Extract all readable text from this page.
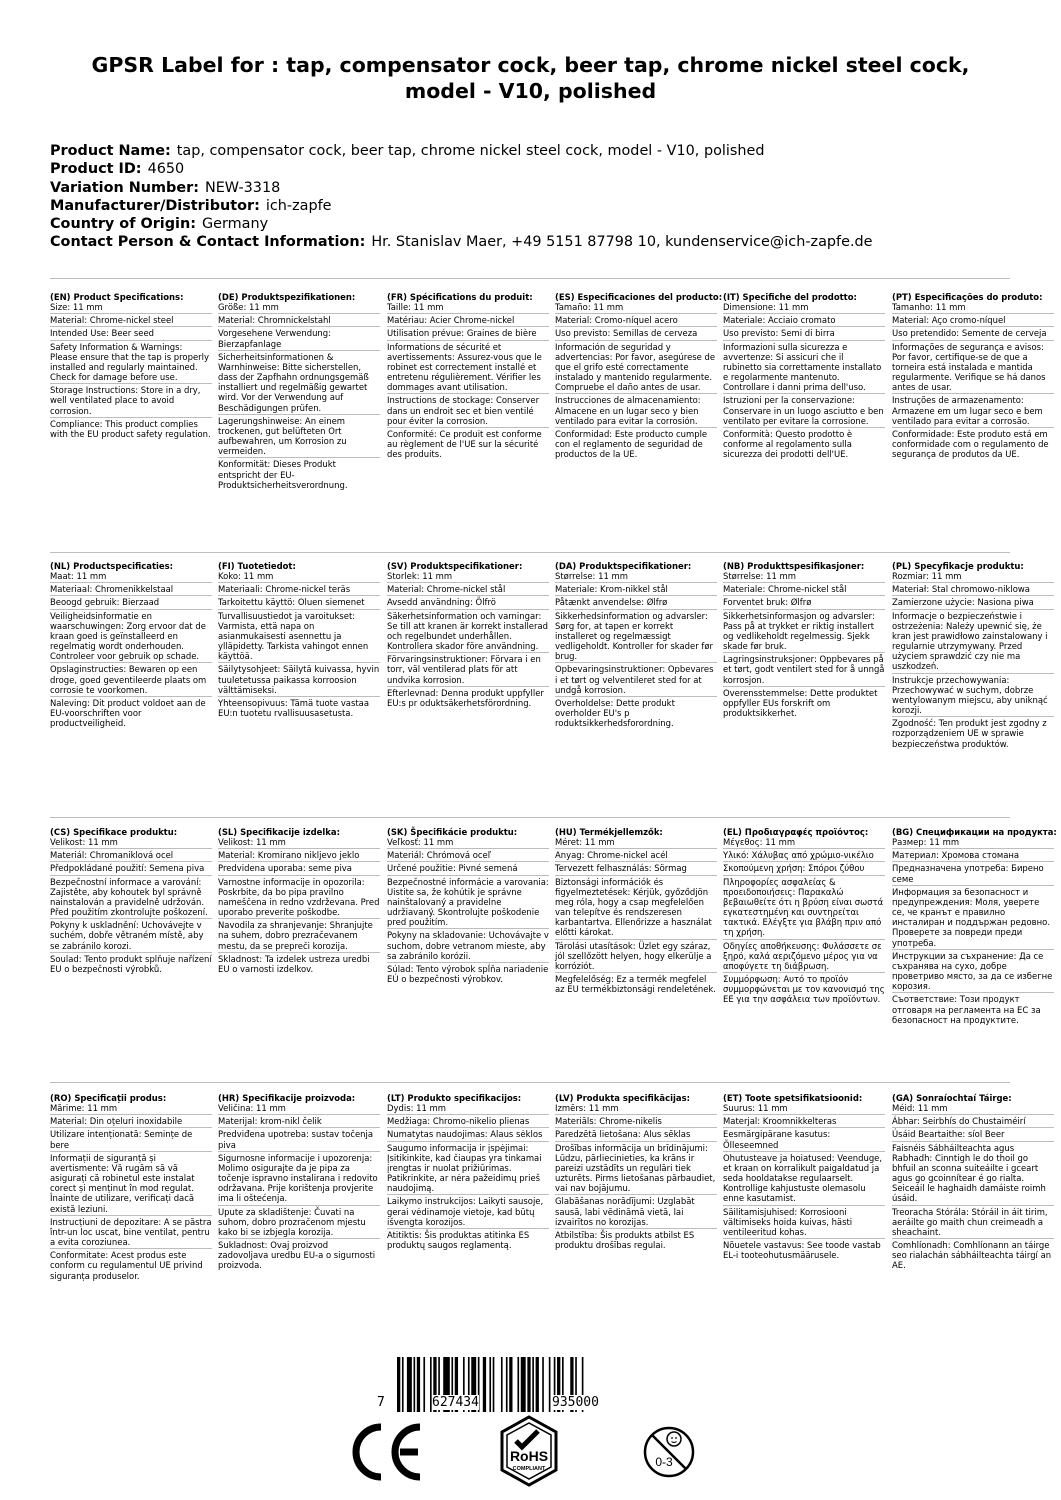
GPSR Label for : tap, compensator cock, beer tap, chrome nickel steel cock, model - V10, polished
Product Name: tap, compensator cock, beer tap, chrome nickel steel cock, model - V10, polished
Product ID: 4650
Variation Number: NEW-3318
Manufacturer/Distributor: ich-zapfe
Country of Origin: Germany
Contact Person & Contact Information: Hr. Stanislav Maer, +49 5151 87798 10, kundenservice@ich-zapfe.de
(EN) Product Specifications:
Size: 11 mm
Material: Chrome-nickel steel
Intended Use: Beer seed
Safety Information & Warnings: Please ensure that the tap is properly installed and regularly maintained. Check for damage before use.
Storage Instructions: Store in a dry, well ventilated place to avoid corrosion.
Compliance: This product complies with the EU product safety regulation.
(DE) Produktspezifikationen:
Größe: 11 mm
Material: Chromnickelstahl
Vorgesehene Verwendung: Bierzapfanlage
Sicherheitsinformationen & Warnhinweise: Bitte sicherstellen, dass der Zapfhahn ordnungsgemäß installiert und regelmäßig gewartet wird. Vor der Verwendung auf Beschädigungen prüfen.
Lagerungshinweise: An einem trockenen, gut belüfteten Ort aufbewahren, um Korrosion zu vermeiden.
Konformität: Dieses Produkt entspricht der EU-Produktsicherheitsverordnung.
(FR) Spécifications du produit:
Taille: 11 mm
Matériau: Acier Chrome-nickel
Utilisation prévue: Graines de bière
Informations de sécurité et avertissements: Assurez-vous que le robinet est correctement installé et entretenu régulièrement. Vérifier les dommages avant utilisation.
Instructions de stockage: Conserver dans un endroit sec et bien ventilé pour éviter la corrosion.
Conformité: Ce produit est conforme au règlement de l'UE sur la sécurité des produits.
(ES) Especificaciones del producto:
Tamaño: 11 mm
Material: Cromo-níquel acero
Uso previsto: Semillas de cerveza
Información de seguridad y advertencias: Por favor, asegúrese de que el grifo esté correctamente instalado y mantenido regularmente. Compruebe el daño antes de usar.
Instrucciones de almacenamiento: Almacene en un lugar seco y bien ventilado para evitar la corrosión.
Conformidad: Este producto cumple con el reglamento de seguridad de productos de la UE.
(IT) Specifiche del prodotto:
Dimensione: 11 mm
Materiale: Acciaio cromato
Uso previsto: Semi di birra
Informazioni sulla sicurezza e avvertenze: Si assicuri che il rubinetto sia correttamente installato e regolarmente mantenuto. Controllare i danni prima dell'uso.
Istruzioni per la conservazione: Conservare in un luogo asciutto e ben ventilato per evitare la corrosione.
Conformità: Questo prodotto è conforme al regolamento sulla sicurezza dei prodotti dell'UE.
(PT) Especificações do produto:
Tamanho: 11 mm
Material: Aço cromo-níquel
Uso pretendido: Semente de cerveja
Informações de segurança e avisos: Por favor, certifique-se de que a torneira está instalada e mantida regularmente. Verifique se há danos antes de usar.
Instruções de armazenamento: Armazene em um lugar seco e bem ventilado para evitar a corrosão.
Conformidade: Este produto está em conformidade com o regulamento de segurança de produtos da UE.
(NL) Productspecificaties:
Maat: 11 mm
Materiaal: Chromenikkelstaal
Beoogd gebruik: Bierzaad
Veiligheidsinformatie en waarschuwingen: Zorg ervoor dat de kraan goed is geïnstalleerd en regelmatig wordt onderhouden. Controleer voor gebruik op schade.
Opslaginstructies: Bewaren op een droge, goed geventileerde plaats om corrosie te voorkomen.
Naleving: Dit product voldoet aan de EU-voorschriften voor productveiligheid.
(FI) Tuotetiedot:
Koko: 11 mm
Materiaali: Chrome-nickel teräs
Tarkoitettu käyttö: Oluen siemenet
Turvallisuustiedot ja varoitukset: Varmista, että napa on asianmukaisesti asennettu ja ylläpidetty. Tarkista vahingot ennen käyttöä.
Säilytysohjeet: Säilytä kuivassa, hyvin tuuletetussa paikassa korroosion välttämiseksi.
Yhteensopivuus: Tämä tuote vastaa EU:n tuotetu rvallisuusasetusta.
(SV) Produktspecifikationer:
Storlek: 11 mm
Material: Chrome-nickel stål
Avsedd användning: Ölfrö
Säkerhetsinformation och varningar: Se till att kranen är korrekt installerad och regelbundet underhållen. Kontrollera skador före användning.
Förvaringsinstruktioner: Förvara i en torr, väl ventilerad plats för att undvika korrosion.
Efterlevnad: Denna produkt uppfyller EU:s pr oduktsäkerhetsförordning.
(DA) Produktspecifikationer:
Størrelse: 11 mm
Materiale: Krom-nikkel stål
Påtænkt anvendelse: Ølfrø
Sikkerhedsinformation og advarsler: Sørg for, at tapen er korrekt installeret og regelmæssigt vedligeholdt. Kontroller for skader før brug.
Opbevaringsinstruktioner: Opbevares i et tørt og velventileret sted for at undgå korrosion.
Overholdelse: Dette produkt overholder EU's p roduktsikkerhedsforordning.
(NB) Produkttspesifikasjoner:
Størrelse: 11 mm
Materiale: Chrome-nickel stål
Forventet bruk: Ølfrø
Sikkerhetsinformasjon og advarsler: Pass på at trykket er riktig installert og vedlikeholdt regelmessig. Sjekk skade før bruk.
Lagringsinstruksjoner: Oppbevares på et tørt, godt ventilert sted for å unngå korrosjon.
Overensstemmelse: Dette produktet oppfyller EUs forskrift om produktsikkerhet.
(PL) Specyfikacje produktu:
Rozmiar: 11 mm
Materiał: Stal chromowo-niklowa
Zamierzone użycie: Nasiona piwa
Informacje o bezpieczeństwie i ostrzeżenia: Należy upewnić się, że kran jest prawidłowo zainstalowany i regularnie utrzymywany. Przed użyciem sprawdzić czy nie ma uszkodzeń.
Instrukcje przechowywania: Przechowywać w suchym, dobrze wentylowanym miejscu, aby uniknąć korozji.
Zgodność: Ten produkt jest zgodny z rozporządzeniem UE w sprawie bezpieczeństwa produktów.
(CS) Specifikace produktu:
Velikost: 11 mm
Materiál: Chromaniklová ocel
Předpokládané použití: Semena piva
Bezpečnostní informace a varování: Zajistěte, aby kohoutek byl správně nainstalován a pravidelně udržován. Před použitím zkontrolujte poškození.
Pokyny k uskladnění: Uchovávejte v suchém, dobře větraném místě, aby se zabránilo korozi.
Soulad: Tento produkt splňuje nařízení EU o bezpečnosti výrobků.
(SL) Specifikacije izdelka:
Velikost: 11 mm
Material: Kromirano nikljevo jeklo
Predvidena uporaba: seme piva
Varnostne informacije in opozorila: Poskrbite, da bo pipa pravilno nameščena in redno vzdrževana. Pred uporabo preverite poškodbe.
Navodila za shranjevanje: Shranjujte na suhem, dobro prezračevanem mestu, da se prepreči korozija.
Skladnost: Ta izdelek ustreza uredbi EU o varnosti izdelkov.
(SK) Špecifikácie produktu:
Veľkosť: 11 mm
Materiál: Chrómová oceľ
Určené použitie: Pivné semená
Bezpečnostné informácie a varovania: Uistite sa, že kohútik je správne nainštalovaný a pravidelne udržiavaný. Skontrolujte poškodenie pred použitím.
Pokyny na skladovanie: Uchovávajte v suchom, dobre vetranom mieste, aby sa zabránilo korózii.
Súlad: Tento výrobok spĺňa nariadenie EÚ o bezpečnosti výrobkov.
(HU) Termékjellemzők:
Méret: 11 mm
Anyag: Chrome-nickel acél
Tervezett felhasználás: Sörmag
Biztonsági információk és figyelmeztetések: Kérjük, győződjön meg róla, hogy a csap megfelelően van telepítve és rendszeresen karbantartva. Ellenőrizze a használat előtti károkat.
Tárolási utasítások: Üzlet egy száraz, jól szellőzött helyen, hogy elkerülje a korróziót.
Megfelelőség: Ez a termék megfelel az EU termékbiztonsági rendeletének.
(EL) Προδιαγραφές προϊόντος:
Μέγεθος: 11 mm
Υλικό: Χάλυβας από χρώμιο-νικέλιο
Σκοπούμενη χρήση: Σπόροι ζύθου
Πληροφορίες ασφαλείας & προειδοποιήσεις: Παρακαλώ βεβαιωθείτε ότι η βρύση είναι σωστά εγκατεστημένη και συντηρείται τακτικά. Ελέγξτε για βλάβη πριν από τη χρήση.
Οδηγίες αποθήκευσης: Φυλάσσετε σε ξηρό, καλά αεριζόμενο μέρος για να αποφύγετε τη διάβρωση.
Συμμόρφωση: Αυτό το προϊόν συμμορφώνεται με τον κανονισμό της ΕΕ για την ασφάλεια των προϊόντων.
(BG) Спецификации на продукта:
Размер: 11 mm
Материал: Хромова стомана
Предназначена употреба: Бирено семе
Информация за безопасност и предупреждения: Моля, уверете се, че кранът е правилно инсталиран и поддържан редовно. Проверете за повреди преди употреба.
Инструкции за съхранение: Да се съхранява на сухо, добре проветриво място, за да се избегне корозия.
Съответствие: Този продукт отговаря на регламента на ЕС за безопасност на продуктите.
(RO) Specificații produs:
Mărime: 11 mm
Material: Din oțeluri inoxidabile
Utilizare intenționată: Semințe de bere
Informații de siguranță și avertismente: Vă rugăm să vă asigurați că robinetul este instalat corect și menținut în mod regulat. Înainte de utilizare, verificați dacă există leziuni.
Instrucțiuni de depozitare: A se păstra într-un loc uscat, bine ventilat, pentru a evita coroziunea.
Conformitate: Acest produs este conform cu regulamentul UE privind siguranța produselor.
(HR) Specifikacije proizvoda:
Veličina: 11 mm
Materijal: krom-nikl čelik
Predviđena upotreba: sustav točenja piva
Sigurnosne informacije i upozorenja: Molimo osigurajte da je pipa za točenje ispravno instalirana i redovito održavana. Prije korištenja provjerite ima li oštećenja.
Upute za skladištenje: Čuvati na suhom, dobro prozračenom mjestu kako bi se izbjegla korozija.
Sukladnost: Ovaj proizvod zadovoljava uredbu EU-a o sigurnosti proizvoda.
(LT) Produkto specifikacijos:
Dydis: 11 mm
Medžiaga: Chromo-nikelio plienas
Numatytas naudojimas: Alaus sėklos
Saugumo informacija ir įspėjimai: Įsitikinkite, kad čiaupas yra tinkamai įrengtas ir nuolat prižiūrimas. Patikrinkite, ar nėra pažeidimų prieš naudojimą.
Laikymo instrukcijos: Laikyti sausoje, gerai vėdinamoje vietoje, kad būtų išvengta korozijos.
Atitiktis: Šis produktas atitinka ES produktų saugos reglamentą.
(LV) Produkta specifikācijas:
Izmērs: 11 mm
Materiāls: Chrome-nikelis
Paredzētā lietošana: Alus sēklas
Drošības informācija un brīdinājumi: Lūdzu, pārliecinieties, ka krāns ir pareizi uzstādīts un regulāri tiek uzturēts. Pirms lietošanas pārbaudiet, vai nav bojājumu.
Glabāšanas norādījumi: Uzglabāt sausā, labi vēdināmā vietā, lai izvairītos no korozijas.
Atbilstība: Šis produkts atbilst ES produktu drošības regulai.
(ET) Toote spetsifikatsioonid:
Suurus: 11 mm
Materjal: Kroomnikkelteras
Eesmärgipärane kasutus: Õlleseemned
Ohutusteave ja hoiatused: Veenduge, et kraan on korralikult paigaldatud ja seda hooldatakse regulaarselt. Kontrollige kahjustuste olemasolu enne kasutamist.
Säilitamisjuhised: Korrosiooni vältimiseks hoida kuivas, hästi ventileeritud kohas.
Nõuetele vastavus: See toode vastab EL-i tooteohutusmäärusele.
(GA) Sonraíochtaí Táirge:
Méid: 11 mm
Ábhar: Seirbhís do Chustaiméirí
Úsáid Beartaithe: síol Beer
Faisnéis Sábháilteachta agus Rabhadh: Cinntigh le do thoil go bhfuil an sconna suiteáilte i gceart agus go gcoinnítear é go rialta. Seiceáil le haghaidh damáiste roimh úsáid.
Treoracha Stórála: Stóráil in áit tirim, aeráilte go maith chun creimeadh a sheachaint.
Comhlíonadh: Comhlíonann an táirge seo rialachán sábháilteachta táirgí an AE.
7	627434	935000
RoHS
COMPLIANT	0-3
